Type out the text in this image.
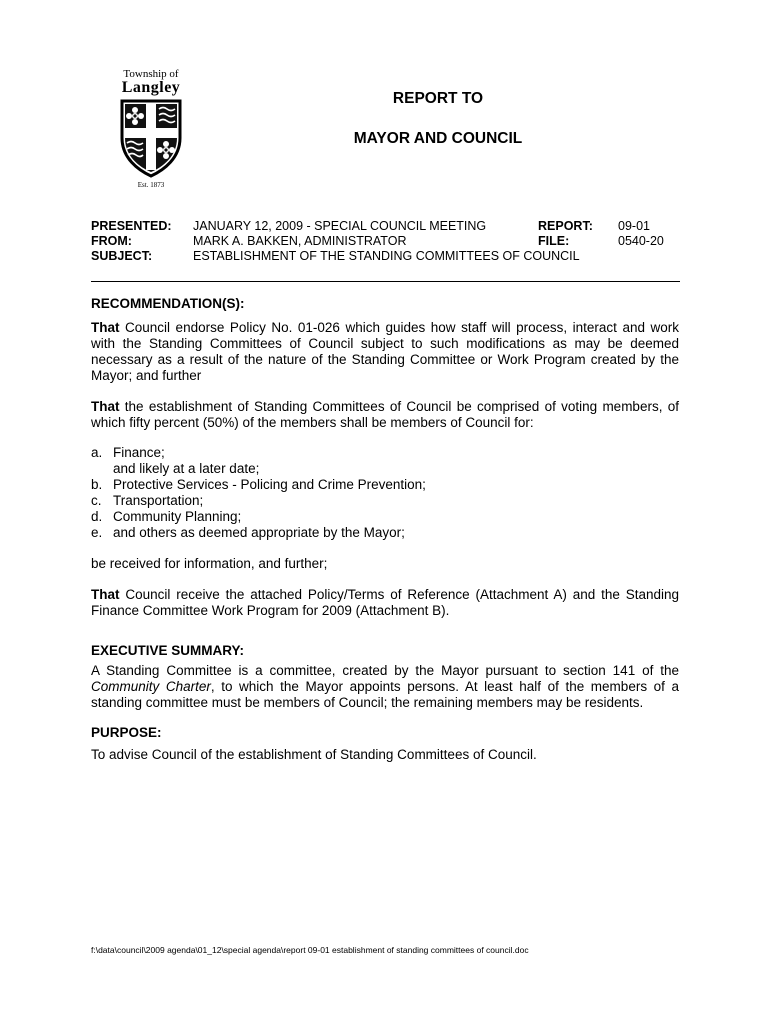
Township of
Langley
Est. 1873
REPORT TO
MAYOR AND COUNCIL
PRESENTED: JANUARY 12, 2009 - SPECIAL COUNCIL MEETING	REPORT: 09-01
FROM:	MARK A. BAKKEN, ADMINISTRATOR	FILE:	0540-20
SUBJECT:	ESTABLISHMENT OF THE STANDING COMMITTEES OF COUNCIL

RECOMMENDATION(S):

That Council endorse Policy No. 01-026 which guides how staff will process, interact and work with the Standing Committees of Council subject to such modifications as may be deemed necessary as a result of the nature of the Standing Committee or Work Program created by the Mayor; and further

That the establishment of Standing Committees of Council be comprised of voting members, of which fifty percent (50%) of the members shall be members of Council for:

a. Finance;
and likely at a later date;
b. Protective Services - Policing and Crime Prevention;
c. Transportation;
d. Community Planning;
e. and others as deemed appropriate by the Mayor;

be received for information, and further;

That Council receive the attached Policy/Terms of Reference (Attachment A) and the Standing Finance Committee Work Program for 2009 (Attachment B).

EXECUTIVE SUMMARY:

A Standing Committee is a committee, created by the Mayor pursuant to section 141 of the Community Charter, to which the Mayor appoints persons. At least half of the members of a standing committee must be members of Council; the remaining members may be residents.

PURPOSE:

To advise Council of the establishment of Standing Committees of Council.

f:\data\council\2009 agenda\01_12\special agenda\report 09-01 establishment of standing committees of council.doc
